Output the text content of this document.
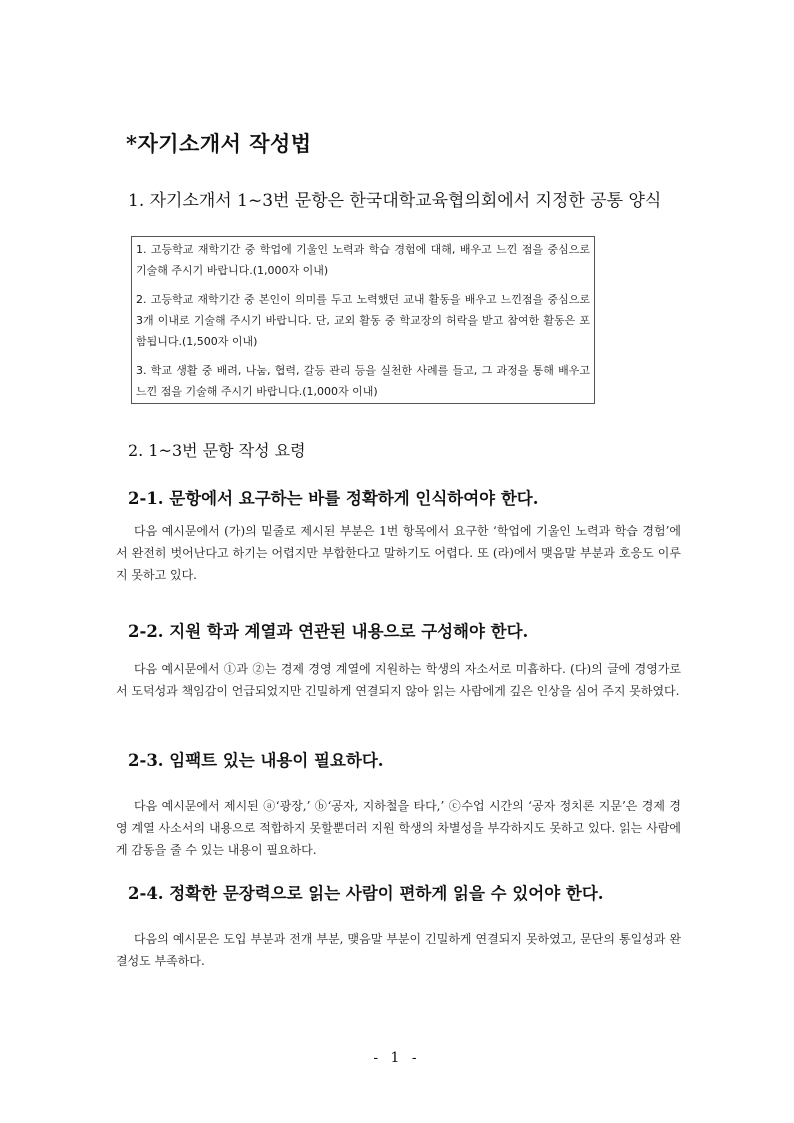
*자기소개서 작성법
1. 자기소개서 1~3번 문항은 한국대학교육협의회에서 지정한 공통 양식

1. 고등학교 재학기간 중 학업에 기울인 노력과 학습 경험에 대해, 배우고 느낀 점을 중심으로 기술해 주시기 바랍니다.(1,000자 이내)

2. 고등학교 재학기간 중 본인이 의미를 두고 노력했던 교내 활동을 배우고 느낀점을 중심으로 3개 이내로 기술해 주시기 바랍니다. 단, 교외 활동 중 학교장의 허락을 받고 참여한 활동은 포함됩니다.(1,500자 이내)

3. 학교 생활 중 배려, 나눔, 협력, 갈등 관리 등을 실천한 사례를 들고, 그 과정을 통해 배우고 느낀 점을 기술해 주시기 바랍니다.(1,000자 이내)

2. 1~3번 문항 작성 요령
2-1. 문항에서 요구하는 바를 정확하게 인식하여야 한다.

다음 예시문에서 (가)의 밑줄로 제시된 부분은 1번 항목에서 요구한 ‘학업에 기울인 노력과 학습 경험’에서 완전히 벗어난다고 하기는 어렵지만 부합한다고 말하기도 어렵다. 또 (라)에서 맺음말 부분과 호응도 이루지 못하고 있다.

2-2. 지원 학과 계열과 연관된 내용으로 구성해야 한다.

다음 예시문에서 ①과 ②는 경제 경영 계열에 지원하는 학생의 자소서로 미흡하다. (다)의 글에 경영가로서 도덕성과 책임감이 언급되었지만 긴밀하게 연결되지 않아 읽는 사람에게 깊은 인상을 심어 주지 못하였다.

2-3. 임팩트 있는 내용이 필요하다.

다음 예시문에서 제시된 ⓐ‘광장,’ ⓑ‘공자, 지하철을 타다,’ ⓒ수업 시간의 ‘공자 정치론 지문’은 경제 경영 계열 사소서의 내용으로 적합하지 못할뿐더러 지원 학생의 차별성을 부각하지도 못하고 있다. 읽는 사람에게 감동을 줄 수 있는 내용이 필요하다.

2-4. 정확한 문장력으로 읽는 사람이 편하게 읽을 수 있어야 한다.

다음의 예시문은 도입 부분과 전개 부분, 맺음말 부분이 긴밀하게 연결되지 못하였고, 문단의 통일성과 완결성도 부족하다.

- 1 -
